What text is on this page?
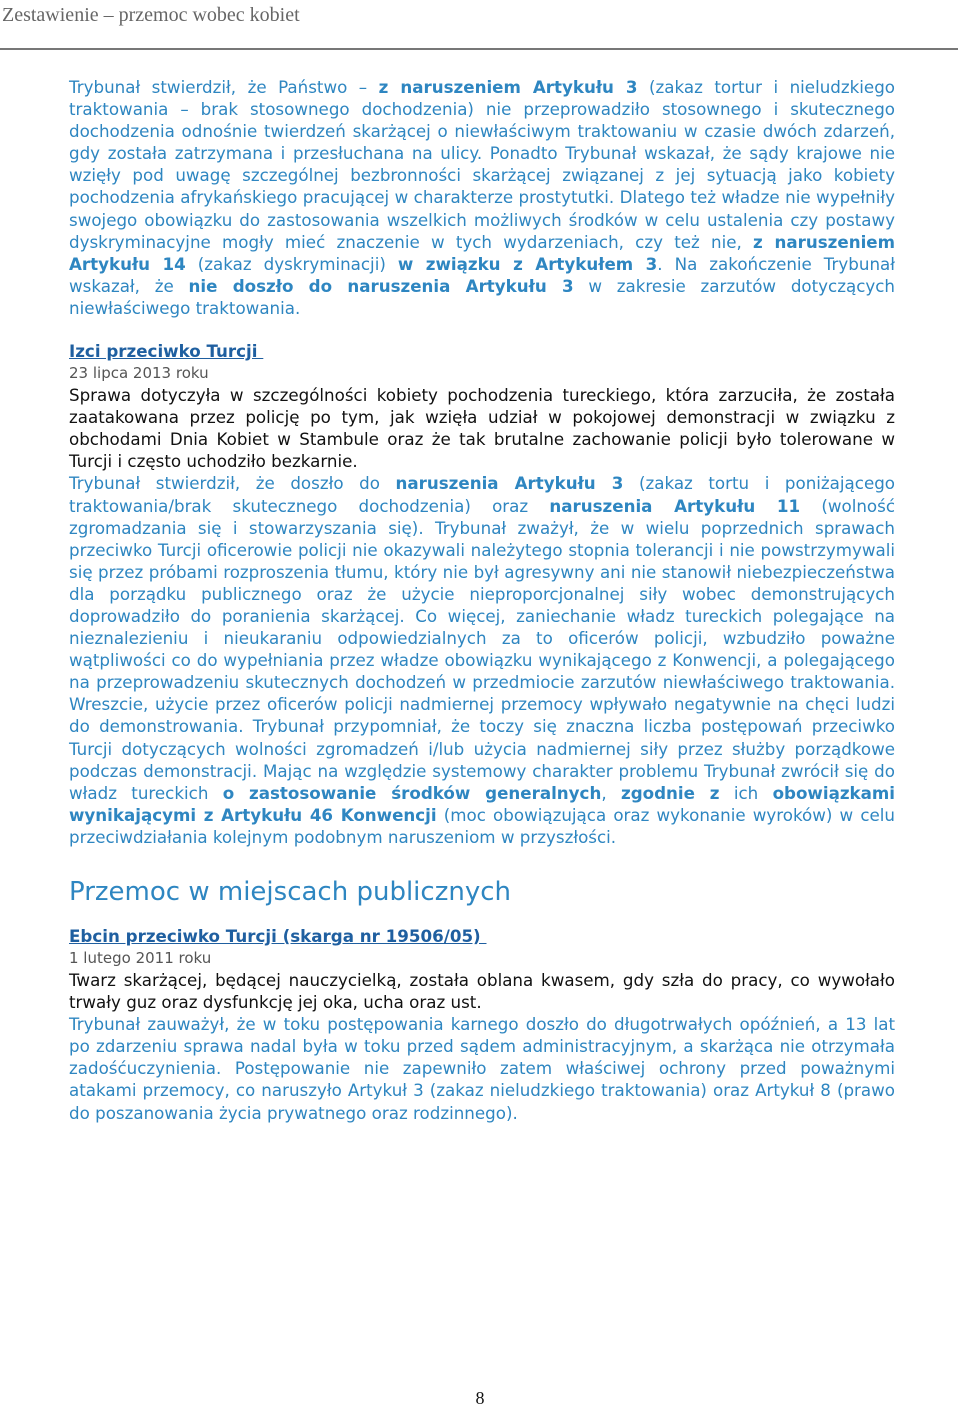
Zestawienie – przemoc wobec kobiet

Trybunał stwierdził, że Państwo – z naruszeniem Artykułu 3 (zakaz tortur i nieludzkiego traktowania – brak stosownego dochodzenia) nie przeprowadziło stosownego i skutecznego dochodzenia odnośnie twierdzeń skarżącej o niewłaściwym traktowaniu w czasie dwóch zdarzeń, gdy została zatrzymana i przesłuchana na ulicy. Ponadto Trybunał wskazał, że sądy krajowe nie wzięły pod uwagę szczególnej bezbronności skarżącej związanej z jej sytuacją jako kobiety pochodzenia afrykańskiego pracującej w charakterze prostytutki. Dlatego też władze nie wypełniły swojego obowiązku do zastosowania wszelkich możliwych środków w celu ustalenia czy postawy dyskryminacyjne mogły mieć znaczenie w tych wydarzeniach, czy też nie, z naruszeniem Artykułu 14 (zakaz dyskryminacji) w związku z Artykułem 3. Na zakończenie Trybunał wskazał, że nie doszło do naruszenia Artykułu 3 w zakresie zarzutów dotyczących niewłaściwego traktowania.

Izci przeciwko Turcji
23 lipca 2013 roku

Sprawa dotyczyła w szczególności kobiety pochodzenia tureckiego, która zarzuciła, że została zaatakowana przez policję po tym, jak wzięła udział w pokojowej demonstracji w związku z obchodami Dnia Kobiet w Stambule oraz że tak brutalne zachowanie policji było tolerowane w Turcji i często uchodziło bezkarnie.

Trybunał stwierdził, że doszło do naruszenia Artykułu 3 (zakaz tortu i poniżającego traktowania/brak skutecznego dochodzenia) oraz naruszenia Artykułu 11 (wolność zgromadzania się i stowarzyszania się). Trybunał zważył, że w wielu poprzednich sprawach przeciwko Turcji oficerowie policji nie okazywali należytego stopnia tolerancji i nie powstrzymywali się przez próbami rozproszenia tłumu, który nie był agresywny ani nie stanowił niebezpieczeństwa dla porządku publicznego oraz że użycie nieproporcjonalnej siły wobec demonstrujących doprowadziło do poranienia skarżącej. Co więcej, zaniechanie władz tureckich polegające na nieznalezieniu i nieukaraniu odpowiedzialnych za to oficerów policji, wzbudziło poważne wątpliwości co do wypełniania przez władze obowiązku wynikającego z Konwencji, a polegającego na przeprowadzeniu skutecznych dochodzeń w przedmiocie zarzutów niewłaściwego traktowania. Wreszcie, użycie przez oficerów policji nadmiernej przemocy wpływało negatywnie na chęci ludzi do demonstrowania. Trybunał przypomniał, że toczy się znaczna liczba postępowań przeciwko Turcji dotyczących wolności zgromadzeń i/lub użycia nadmiernej siły przez służby porządkowe podczas demonstracji. Mając na względzie systemowy charakter problemu Trybunał zwrócił się do władz tureckich o zastosowanie środków generalnych, zgodnie z ich obowiązkami wynikającymi z Artykułu 46 Konwencji (moc obowiązująca oraz wykonanie wyroków) w celu przeciwdziałania kolejnym podobnym naruszeniom w przyszłości.

Przemoc w miejscach publicznych
Ebcin przeciwko Turcji (skarga nr 19506/05)
1 lutego 2011 roku

Twarz skarżącej, będącej nauczycielką, została oblana kwasem, gdy szła do pracy, co wywołało trwały guz oraz dysfunkcję jej oka, ucha oraz ust.

Trybunał zauważył, że w toku postępowania karnego doszło do długotrwałych opóźnień, a 13 lat po zdarzeniu sprawa nadal była w toku przed sądem administracyjnym, a skarżąca nie otrzymała zadośćuczynienia. Postępowanie nie zapewniło zatem właściwej ochrony przed poważnymi atakami przemocy, co naruszyło Artykuł 3 (zakaz nieludzkiego traktowania) oraz Artykuł 8 (prawo do poszanowania życia prywatnego oraz rodzinnego).

8
